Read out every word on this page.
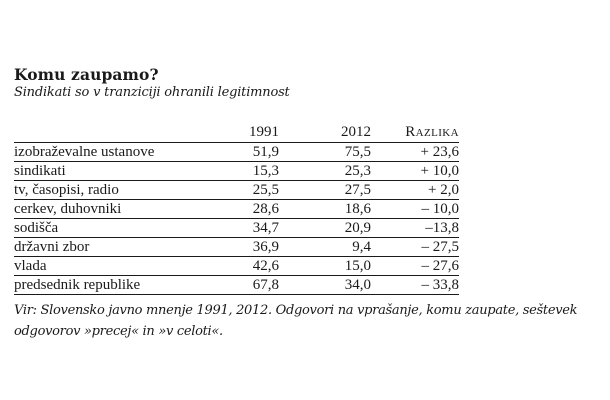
Komu zaupamo?

Sindikati so v tranziciji ohranili legitimnost

	1991	2012	Razlika
izobraževalne ustanove	51,9	75,5	+ 23,6
sindikati	15,3	25,3	+ 10,0
tv, časopisi, radio	25,5	27,5	+ 2,0
cerkev, duhovniki	28,6	18,6	– 10,0
sodišča	34,7	20,9	–13,8
državni zbor	36,9	9,4	– 27,5
vlada	42,6	15,0	– 27,6
predsednik republike	67,8	34,0	– 33,8

Vir: Slovensko javno mnenje 1991, 2012. Odgovori na vprašanje, komu zaupate, seštevek odgovorov »precej« in »v celoti«.
